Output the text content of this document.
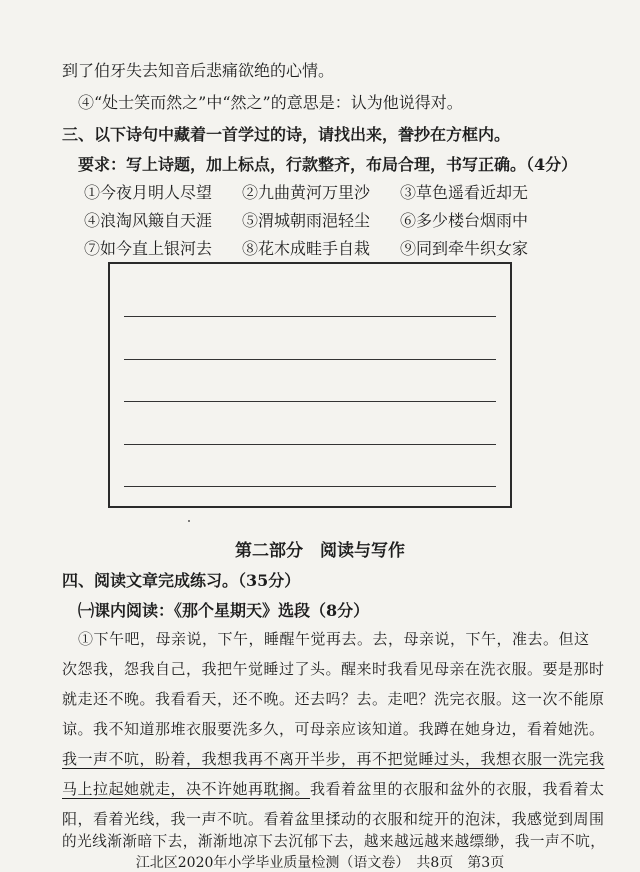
到了伯牙失去知音后悲痛欲绝的心情。
④“处士笑而然之”中“然之”的意思是：认为他说得对。
三、以下诗句中藏着一首学过的诗，请找出来，誊抄在方框内。
要求：写上诗题，加上标点，行款整齐，布局合理，书写正确。（4分）
①今夜月明人尽望 ②九曲黄河万里沙 ③草色遥看近却无
④浪淘风簸自天涯 ⑤渭城朝雨浥轻尘 ⑥多少楼台烟雨中
⑦如今直上银河去 ⑧花木成畦手自栽 ⑨同到牵牛织女家
第二部分　阅读与写作
四、阅读文章完成练习。（35分）
㈠课内阅读：《那个星期天》选段（8分）
①下午吧，母亲说，下午，睡醒午觉再去。去，母亲说，下午，准去。但这
次怨我，怨我自己，我把午觉睡过了头。醒来时我看见母亲在洗衣服。要是那时
就走还不晚。我看看天，还不晚。还去吗？去。走吧？洗完衣服。这一次不能原
谅。我不知道那堆衣服要洗多久，可母亲应该知道。我蹲在她身边，看着她洗。
我一声不吭，盼着，我想我再不离开半步，再不把觉睡过头，我想衣服一洗完我
马上拉起她就走，决不许她再耽搁。我看着盆里的衣服和盆外的衣服，我看着太
阳，看着光线，我一声不吭。看着盆里揉动的衣服和绽开的泡沫，我感觉到周围
的光线渐渐暗下去，渐渐地凉下去沉郁下去，越来越远越来越缥缈，我一声不吭，
江北区2020年小学毕业质量检测（语文卷）　共8页　第3页
